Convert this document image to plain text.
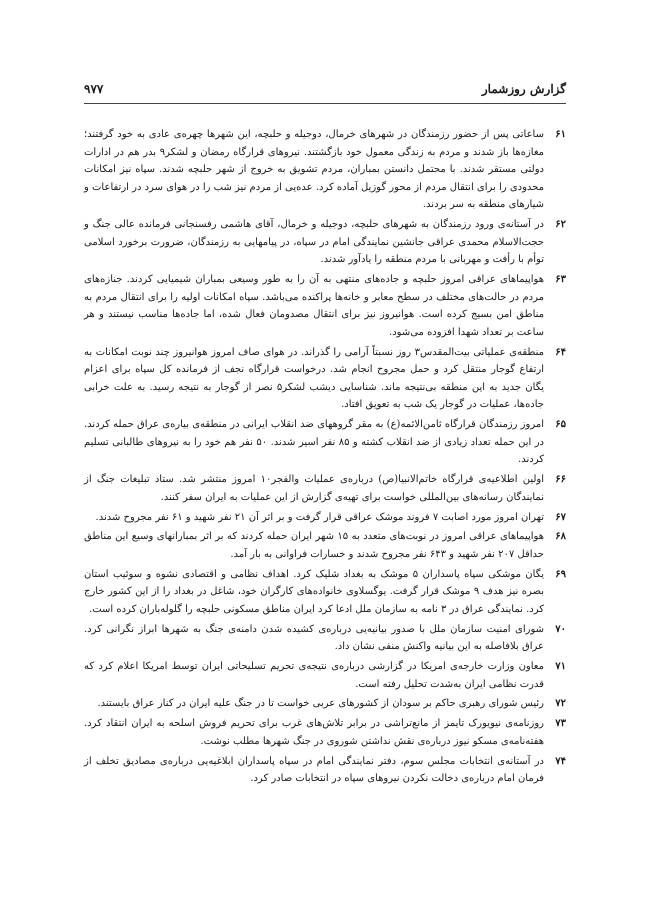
گزارش روزشمار
۹۷۷
۶۱

ساعاتی پس از حضور رزمندگان در شهرهای خرمال، دوجیله و حلبچه، این شهرها چهره‌ی عادی به خود گرفتند؛ مغازه‌ها باز شدند و مردم به زندگی معمول خود بازگشتند. نیروهای قرارگاه رمضان و لشکر۹ بدر هم در ادارات دولتی مستقر شدند. با محتمل دانستن بمباران، مردم تشویق به خروج از شهر حلبچه شدند. سپاه نیز امکانات محدودی را برای انتقال مردم از محور گوزیل آماده کرد. عده‌یی از مردم نیز شب را در هوای سرد در ارتفاعات و شیارهای منطقه به سر بردند.

۶۲

در آستانه‌ی ورود رزمندگان به شهرهای حلبچه، دوجیله و خرمال، آقای هاشمی رفسنجانی فرمانده عالی جنگ و حجت‌الاسلام محمدی عراقی جانشین نمایندگی امام در سپاه، در پیامهایی به رزمندگان، ضرورت برخورد اسلامی توأم با رأفت و مهربانی با مردم منطقه را یادآور شدند.

۶۳

هواپیماهای عراقی امروز حلبچه و جاده‌های منتهی به آن را به طور وسیعی بمباران شیمیایی کردند. جنازه‌های مردم در حالت‌های مختلف در سطح معابر و خانه‌ها پراکنده می‌باشد. سپاه امکانات اولیه را برای انتقال مردم به مناطق امن بسیج کرده است. هوانیروز نیز برای انتقال مصدومان فعال شده، اما جاده‌ها مناسب نیستند و هر ساعت بر تعداد شهدا افزوده می‌شود.

۶۴

منطقه‌ی عملیاتی بیت‌المقدس۳ روز نسبتاً آرامی را گذراند. در هوای صاف امروز هوانیروز چند نوبت امکانات به ارتفاع گوجار منتقل کرد و حمل مجروح انجام شد. درخواست قرارگاه نجف از فرمانده کل سپاه برای اعزام یگان جدید به این منطقه بی‌نتیجه ماند. شناسایی دیشب لشکر۵ نصر از گوجار به نتیجه رسید. به علت خرابی جاده‌ها، عملیات در گوجار یک شب به تعویق افتاد.

۶۵

امروز رزمندگان قرارگاه ثامن‌الائمه(ع) به مقر گروههای ضد انقلاب ایرانی در منطقه‌ی بیاره‌ی عراق حمله کردند. در این حمله تعداد زیادی از ضد انقلاب کشته و ۸۵ نفر اسیر شدند. ۵۰ نفر هم خود را به نیروهای طالبانی تسلیم کردند.

۶۶

اولین اطلاعیه‌ی قرارگاه خاتم‌الانبیا(ص) درباره‌ی عملیات والفجر۱۰ امروز منتشر شد. ستاد تبلیغات جنگ از نمایندگان رسانه‌های بین‌المللی خواست برای تهیه‌ی گزارش از این عملیات به ایران سفر کنند.

۶۷

تهران امروز مورد اصابت ۷ فروند موشک عراقی قرار گرفت و بر اثر آن ۲۱ نفر شهید و ۶۱ نفر مجروح شدند.

۶۸

هواپیماهای عراقی امروز در نوبت‌های متعدد به ۱۵ شهر ایران حمله کردند که بر اثر بمبارانهای وسیع این مناطق حداقل ۲۰۷ نفر شهید و ۶۴۳ نفر مجروح شدند و خسارات فراوانی به بار آمد.

۶۹

یگان موشکی سپاه پاسداران ۵ موشک به بغداد شلیک کرد. اهداف نظامی و اقتصادی نشوه و سوئیب استان بصره نیز هدف ۹ موشک قرار گرفت. یوگسلاوی خانواده‌های کارگران خود، شاغل در بغداد را از این کشور خارج کرد. نمایندگی عراق در ۳ نامه به سازمان ملل ادعا کرد ایران مناطق مسکونی حلبچه را گلوله‌باران کرده است.

۷۰

شورای امنیت سازمان ملل با صدور بیانیه‌یی درباره‌ی کشیده شدن دامنه‌ی جنگ به شهرها ابراز نگرانی کرد. عراق بلافاصله به این بیانیه واکنش منفی نشان داد.

۷۱

معاون وزارت خارجه‌ی امریکا در گزارشی درباره‌ی نتیجه‌ی تحریم تسلیحاتی ایران توسط امریکا اعلام کرد که قدرت نظامی ایران به‌شدت تحلیل رفته است.

۷۲

رئیس شورای رهبری حاکم بر سودان از کشورهای عربی خواست تا در جنگ علیه ایران در کنار عراق بایستند.

۷۳

روزنامه‌ی نیویورک تایمز از مانع‌تراشی در برابر تلاش‌های غرب برای تحریم فروش اسلحه به ایران انتقاد کرد. هفته‌نامه‌ی مسکو نیوز درباره‌ی نقش نداشتن شوروی در جنگ شهرها مطلب نوشت.

۷۴

در آستانه‌ی انتخابات مجلس سوم، دفتر نمایندگی امام در سپاه پاسداران ابلاغیه‌یی درباره‌ی مصادیق تخلف از فرمان امام درباره‌ی دخالت نکردن نیروهای سپاه در انتخابات صادر کرد.
